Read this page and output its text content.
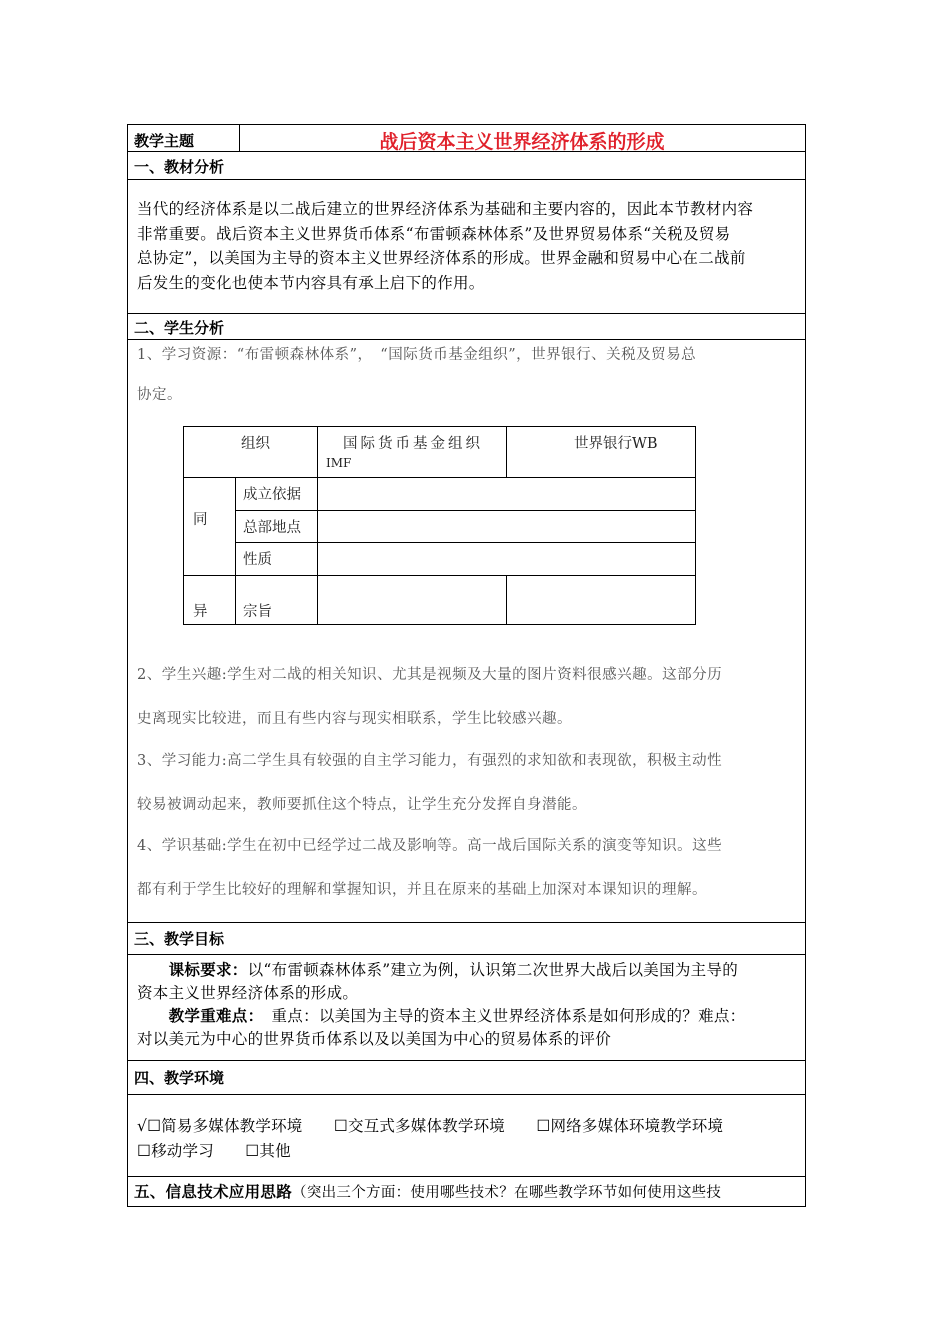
教学主题	战后资本主义世界经济体系的形成
一、教材分析
当代的经济体系是以二战后建立的世界经济体系为基础和主要内容的，因此本节教材内容
非常重要。战后资本主义世界货币体系“布雷顿森林体系”及世界贸易体系“关税及贸易
总协定”，以美国为主导的资本主义世界经济体系的形成。世界金融和贸易中心在二战前
后发生的变化也使本节内容具有承上启下的作用。
二、学生分析
1、学习资源：“布雷顿森林体系”，　“国际货币基金组织”，世界银行、关税及贸易总
协定。
组织	国际货币基金组织
IMF
世界银行WB
同
异
成立依据
总部地点
性质
宗旨
2、学生兴趣:学生对二战的相关知识、尤其是视频及大量的图片资料很感兴趣。这部分历
史离现实比较进，而且有些内容与现实相联系，学生比较感兴趣。
3、学习能力:高二学生具有较强的自主学习能力，有强烈的求知欲和表现欲，积极主动性
较易被调动起来，教师要抓住这个特点，让学生充分发挥自身潜能。
4、学识基础:学生在初中已经学过二战及影响等。高一战后国际关系的演变等知识。这些
都有利于学生比较好的理解和掌握知识，并且在原来的基础上加深对本课知识的理解。
三、教学目标
　　课标要求：以“布雷顿森林体系”建立为例，认识第二次世界大战后以美国为主导的
资本主义世界经济体系的形成。
　　教学重难点：　重点：以美国为主导的资本主义世界经济体系是如何形成的？难点：
对以美元为中心的世界货币体系以及以美国为中心的贸易体系的评价
四、教学环境
√☐简易多媒体教学环境　　☐交互式多媒体教学环境　　☐网络多媒体环境教学环境
☐移动学习　　☐其他
五、信息技术应用思路（突出三个方面：使用哪些技术？在哪些教学环节如何使用这些技
